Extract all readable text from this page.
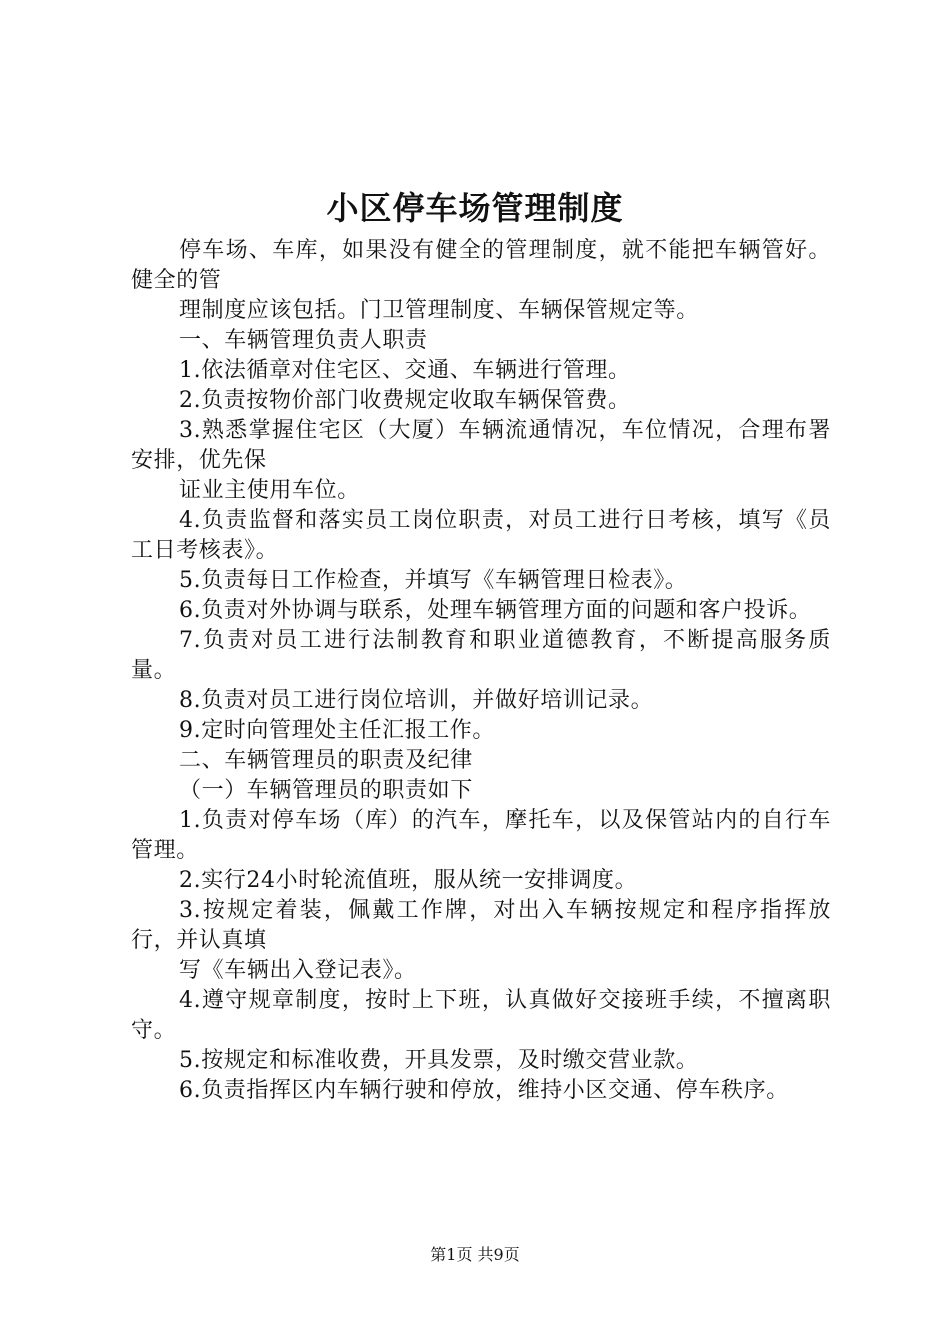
小区停车场管理制度

停车场、车库，如果没有健全的管理制度，就不能把车辆管好。健全的管

理制度应该包括。门卫管理制度、车辆保管规定等。

一、车辆管理负责人职责

1.依法循章对住宅区、交通、车辆进行管理。

2.负责按物价部门收费规定收取车辆保管费。

3.熟悉掌握住宅区（大厦）车辆流通情况，车位情况，合理布署安排，优先保

证业主使用车位。

4.负责监督和落实员工岗位职责，对员工进行日考核，填写《员工日考核表》。

5.负责每日工作检查，并填写《车辆管理日检表》。

6.负责对外协调与联系，处理车辆管理方面的问题和客户投诉。

7.负责对员工进行法制教育和职业道德教育，不断提高服务质量。

8.负责对员工进行岗位培训，并做好培训记录。

9.定时向管理处主任汇报工作。

二、车辆管理员的职责及纪律

（一）车辆管理员的职责如下

1.负责对停车场（库）的汽车，摩托车，以及保管站内的自行车管理。

2.实行24小时轮流值班，服从统一安排调度。

3.按规定着装，佩戴工作牌，对出入车辆按规定和程序指挥放行，并认真填

写《车辆出入登记表》。

4.遵守规章制度，按时上下班，认真做好交接班手续，不擅离职守。

5.按规定和标准收费，开具发票，及时缴交营业款。

6.负责指挥区内车辆行驶和停放，维持小区交通、停车秩序。

第1页 共9页
